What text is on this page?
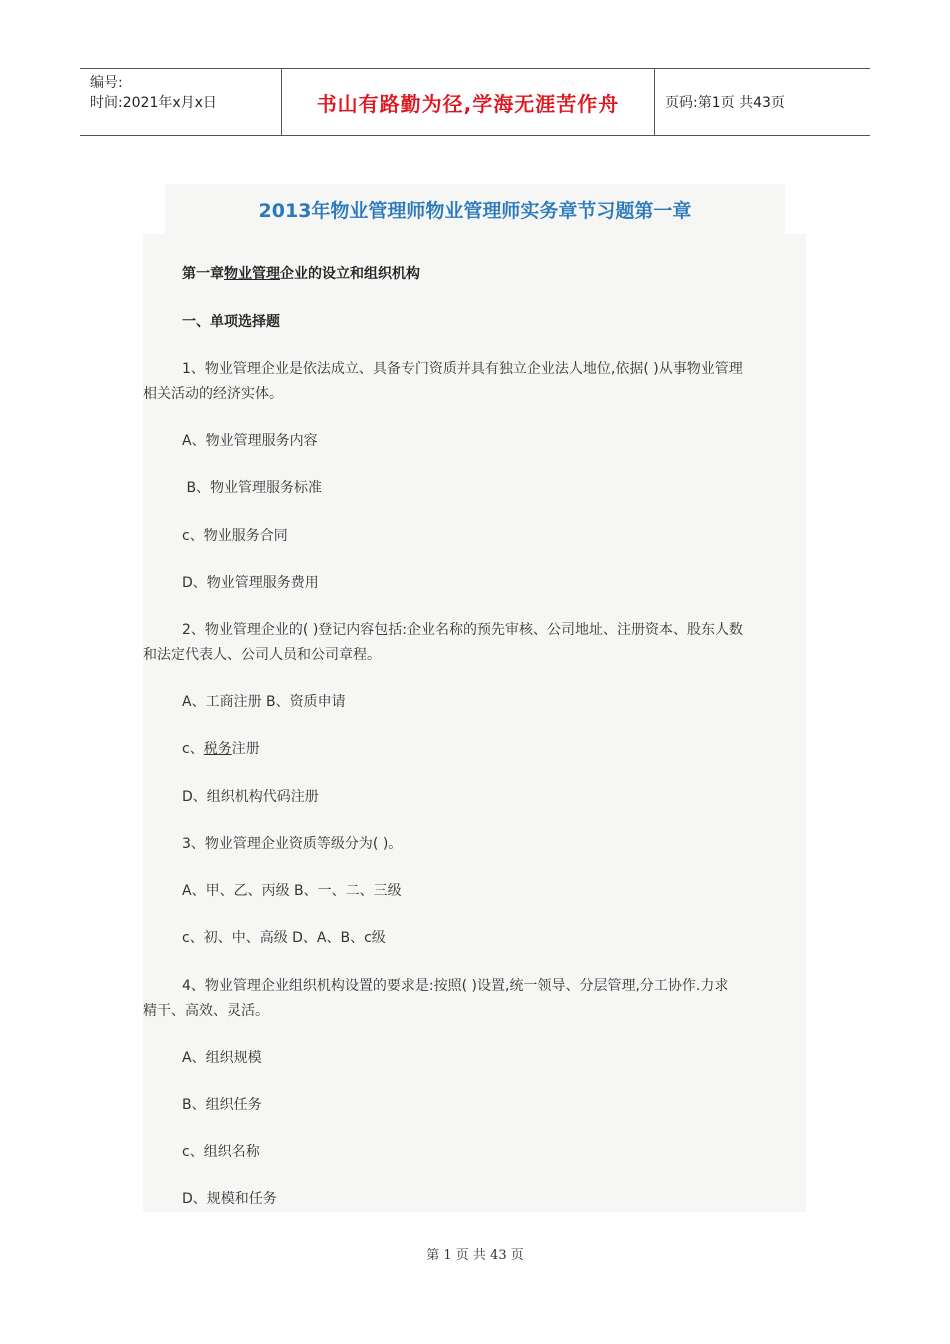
编号:
时间:2021年x月x日	书山有路勤为径,学海无涯苦作舟	页码:第1页 共43页
2013年物业管理师物业管理师实务章节习题第一章
第一章物业管理企业的设立和组织机构
一、单项选择题
1、物业管理企业是依法成立、具备专门资质并具有独立企业法人地位,依据( )从事物业管理
相关活动的经济实体。
A、物业管理服务内容
B、物业管理服务标准
c、物业服务合同
D、物业管理服务费用
2、物业管理企业的( )登记内容包括:企业名称的预先审核、公司地址、注册资本、股东人数
和法定代表人、公司人员和公司章程。
A、工商注册 B、资质申请
c、税务注册
D、组织机构代码注册
3、物业管理企业资质等级分为( )。
A、甲、乙、丙级 B、一、二、三级
c、初、中、高级 D、A、B、c级
4、物业管理企业组织机构设置的要求是:按照( )设置,统一领导、分层管理,分工协作.力求
精干、高效、灵活。
A、组织规模
B、组织任务
c、组织名称
D、规模和任务
第 1 页 共 43 页
